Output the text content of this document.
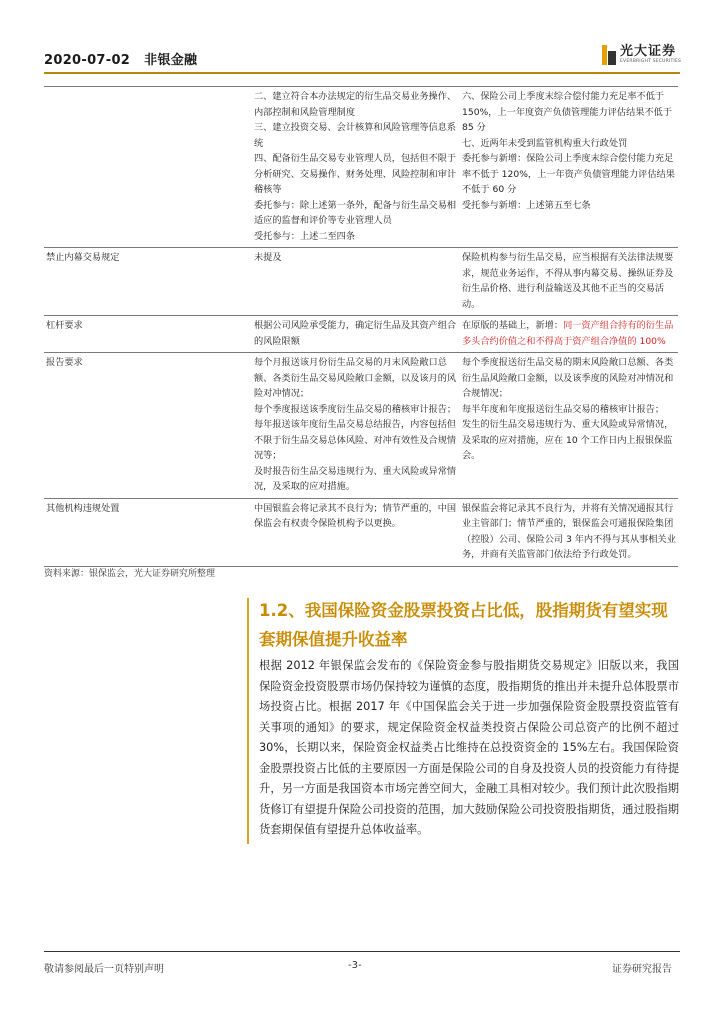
2020-07-02 非银金融
光大证券
EVERBRIGHT SECURITIES

	二、建立符合本办法规定的衍生品交易业务操作、内部控制和风险管理制度
三、建立投资交易、会计核算和风险管理等信息系统
四、配备衍生品交易专业管理人员，包括但不限于分析研究、交易操作、财务处理、风险控制和审计稽核等
委托参与：除上述第一条外，配备与衍生品交易相适应的监督和评价等专业管理人员
受托参与：上述二至四条	六、保险公司上季度末综合偿付能力充足率不低于 150%，上一年度资产负债管理能力评估结果不低于 85 分
七、近两年未受到监管机构重大行政处罚
委托参与新增：保险公司上季度末综合偿付能力充足率不低于 120%，上一年资产负债管理能力评估结果不低于 60 分
受托参与新增：上述第五至七条

禁止内幕交易规定	未提及	保险机构参与衍生品交易，应当根据有关法律法规要求，规范业务运作，不得从事内幕交易、操纵证券及衍生品价格、进行利益输送及其他不正当的交易活动。

杠杆要求	根据公司风险承受能力，确定衍生品及其资产组合的风险限额	在原版的基础上，新增：同一资产组合持有的衍生品多头合约价值之和不得高于资产组合净值的 100%

报告要求	每个月报送该月份衍生品交易的月末风险敞口总额、各类衍生品交易风险敞口金额，以及该月的风险对冲情况；
每个季度报送该季度衍生品交易的稽核审计报告；
每年报送该年度衍生品交易总结报告，内容包括但不限于衍生品交易总体风险、对冲有效性及合规情况等；
及时报告衍生品交易违规行为、重大风险或异常情况，及采取的应对措施。	每个季度报送衍生品交易的期末风险敞口总额、各类衍生品风险敞口金额，以及该季度的风险对冲情况和合规情况；
每半年度和年度报送衍生品交易的稽核审计报告；
发生的衍生品交易违规行为、重大风险或异常情况，及采取的应对措施，应在 10 个工作日内上报银保监会。

其他机构违规处置	中国银监会将记录其不良行为；情节严重的，中国保监会有权责令保险机构予以更换。	银保监会将记录其不良行为，并将有关情况通报其行业主管部门；情节严重的，银保监会可通报保险集团（控股）公司、保险公司 3 年内不得与其从事相关业务，并商有关监管部门依法给予行政处罚。
资料来源：银保监会，光大证券研究所整理
1.2、我国保险资金股票投资占比低，股指期货有望实现套期保值提升收益率
根据 2012 年银保监会发布的《保险资金参与股指期货交易规定》旧版以来，我国保险资金投资股票市场仍保持较为谨慎的态度，股指期货的推出并未提升总体股票市场投资占比。根据 2017 年《中国保监会关于进一步加强保险资金股票投资监管有关事项的通知》的要求，规定保险资金权益类投资占保险公司总资产的比例不超过 30%，长期以来，保险资金权益类占比维持在总投资资金的 15%左右。我国保险资金股票投资占比低的主要原因一方面是保险公司的自身及投资人员的投资能力有待提升，另一方面是我国资本市场完善空间大，金融工具相对较少。我们预计此次股指期货修订有望提升保险公司投资的范围，加大鼓励保险公司投资股指期货，通过股指期货套期保值有望提升总体收益率。
敬请参阅最后一页特别声明	-3-	证券研究报告
